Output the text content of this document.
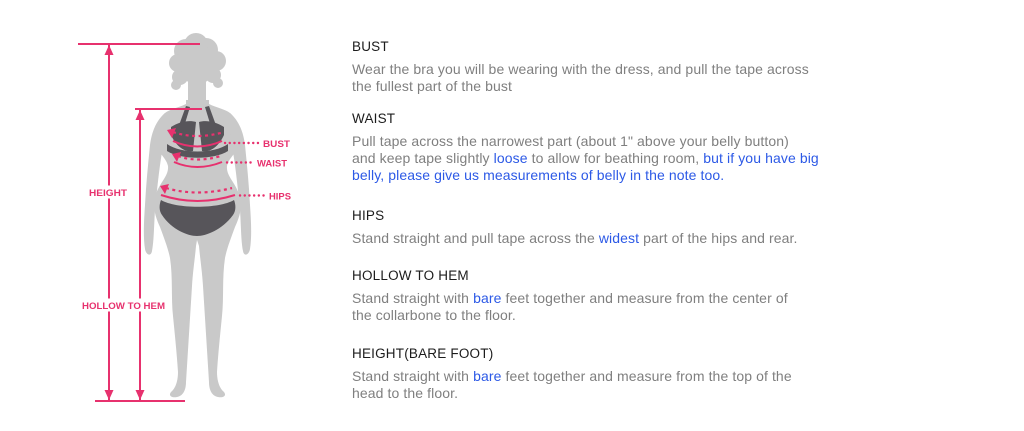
HEIGHT
HOLLOW TO HEM
BUST
WAIST
HIPS
BUST

Wear the bra you will be wearing with the dress, and pull the tape across
the fullest part of the bust

WAIST

Pull tape across the narrowest part (about 1" above your belly button)
and keep tape slightly loose to allow for beathing room, but if you have big
belly, please give us measurements of belly in the note too.

HIPS

Stand straight and pull tape across the widest part of the hips and rear.

HOLLOW TO HEM

Stand straight with bare feet together and measure from the center of
the collarbone to the floor.

HEIGHT(BARE FOOT)

Stand straight with bare feet together and measure from the top of the
head to the floor.
